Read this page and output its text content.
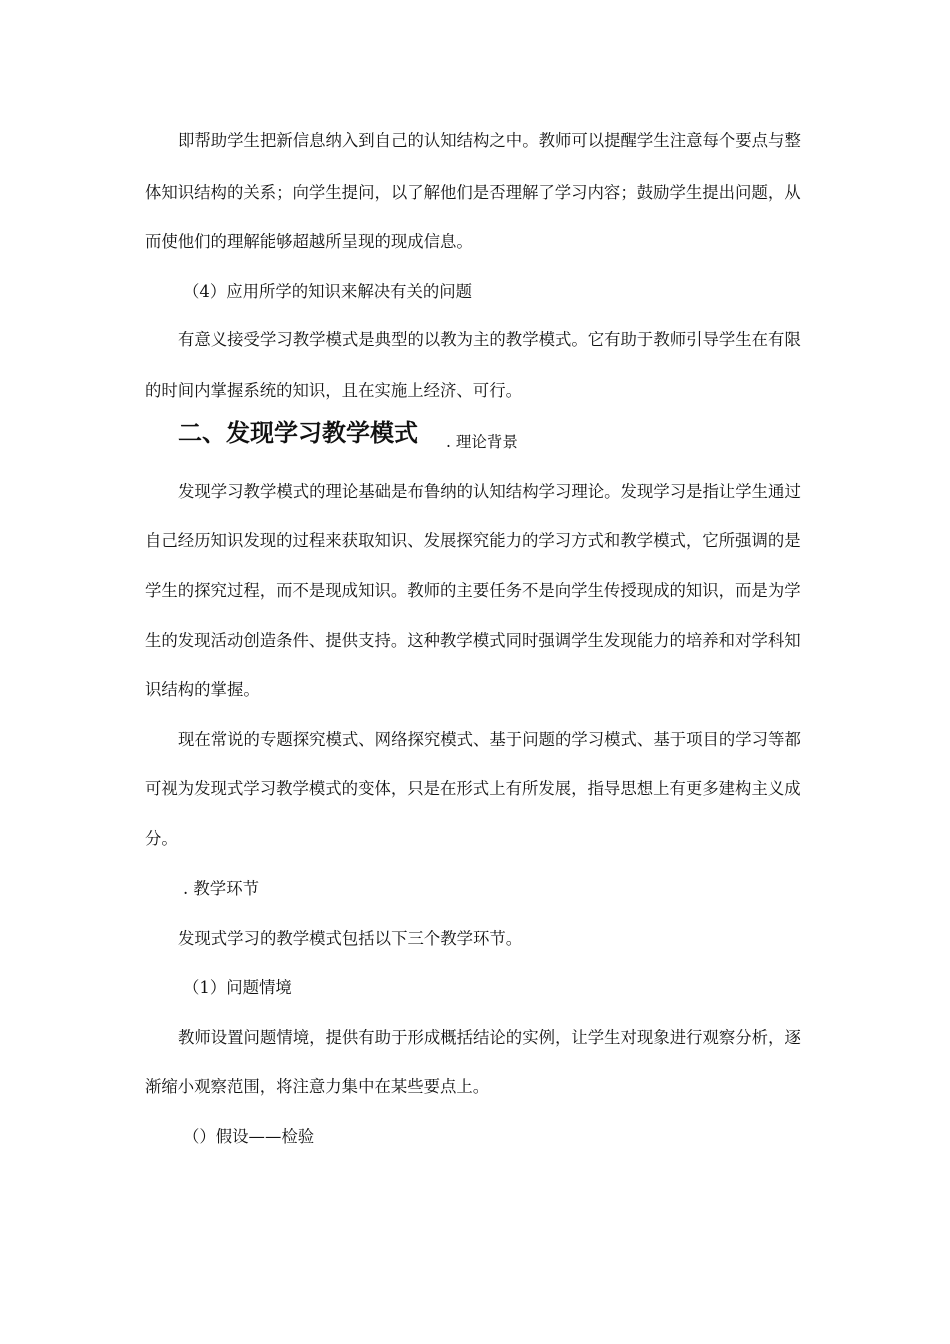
即帮助学生把新信息纳入到自己的认知结构之中。教师可以提醒学生注意每个要点与整
体知识结构的关系；向学生提问，以了解他们是否理解了学习内容；鼓励学生提出问题，从
而使他们的理解能够超越所呈现的现成信息。
（4）应用所学的知识来解决有关的问题
有意义接受学习教学模式是典型的以教为主的教学模式。它有助于教师引导学生在有限
的时间内掌握系统的知识，且在实施上经济、可行。
二、发现学习教学模式 . 理论背景
发现学习教学模式的理论基础是布鲁纳的认知结构学习理论。发现学习是指让学生通过
自己经历知识发现的过程来获取知识、发展探究能力的学习方式和教学模式，它所强调的是
学生的探究过程，而不是现成知识。教师的主要任务不是向学生传授现成的知识，而是为学
生的发现活动创造条件、提供支持。这种教学模式同时强调学生发现能力的培养和对学科知
识结构的掌握。
现在常说的专题探究模式、网络探究模式、基于问题的学习模式、基于项目的学习等都
可视为发现式学习教学模式的变体，只是在形式上有所发展，指导思想上有更多建构主义成
分。
. 教学环节
发现式学习的教学模式包括以下三个教学环节。
（1）问题情境
教师设置问题情境，提供有助于形成概括结论的实例，让学生对现象进行观察分析，逐
渐缩小观察范围，将注意力集中在某些要点上。
（）假设——检验
